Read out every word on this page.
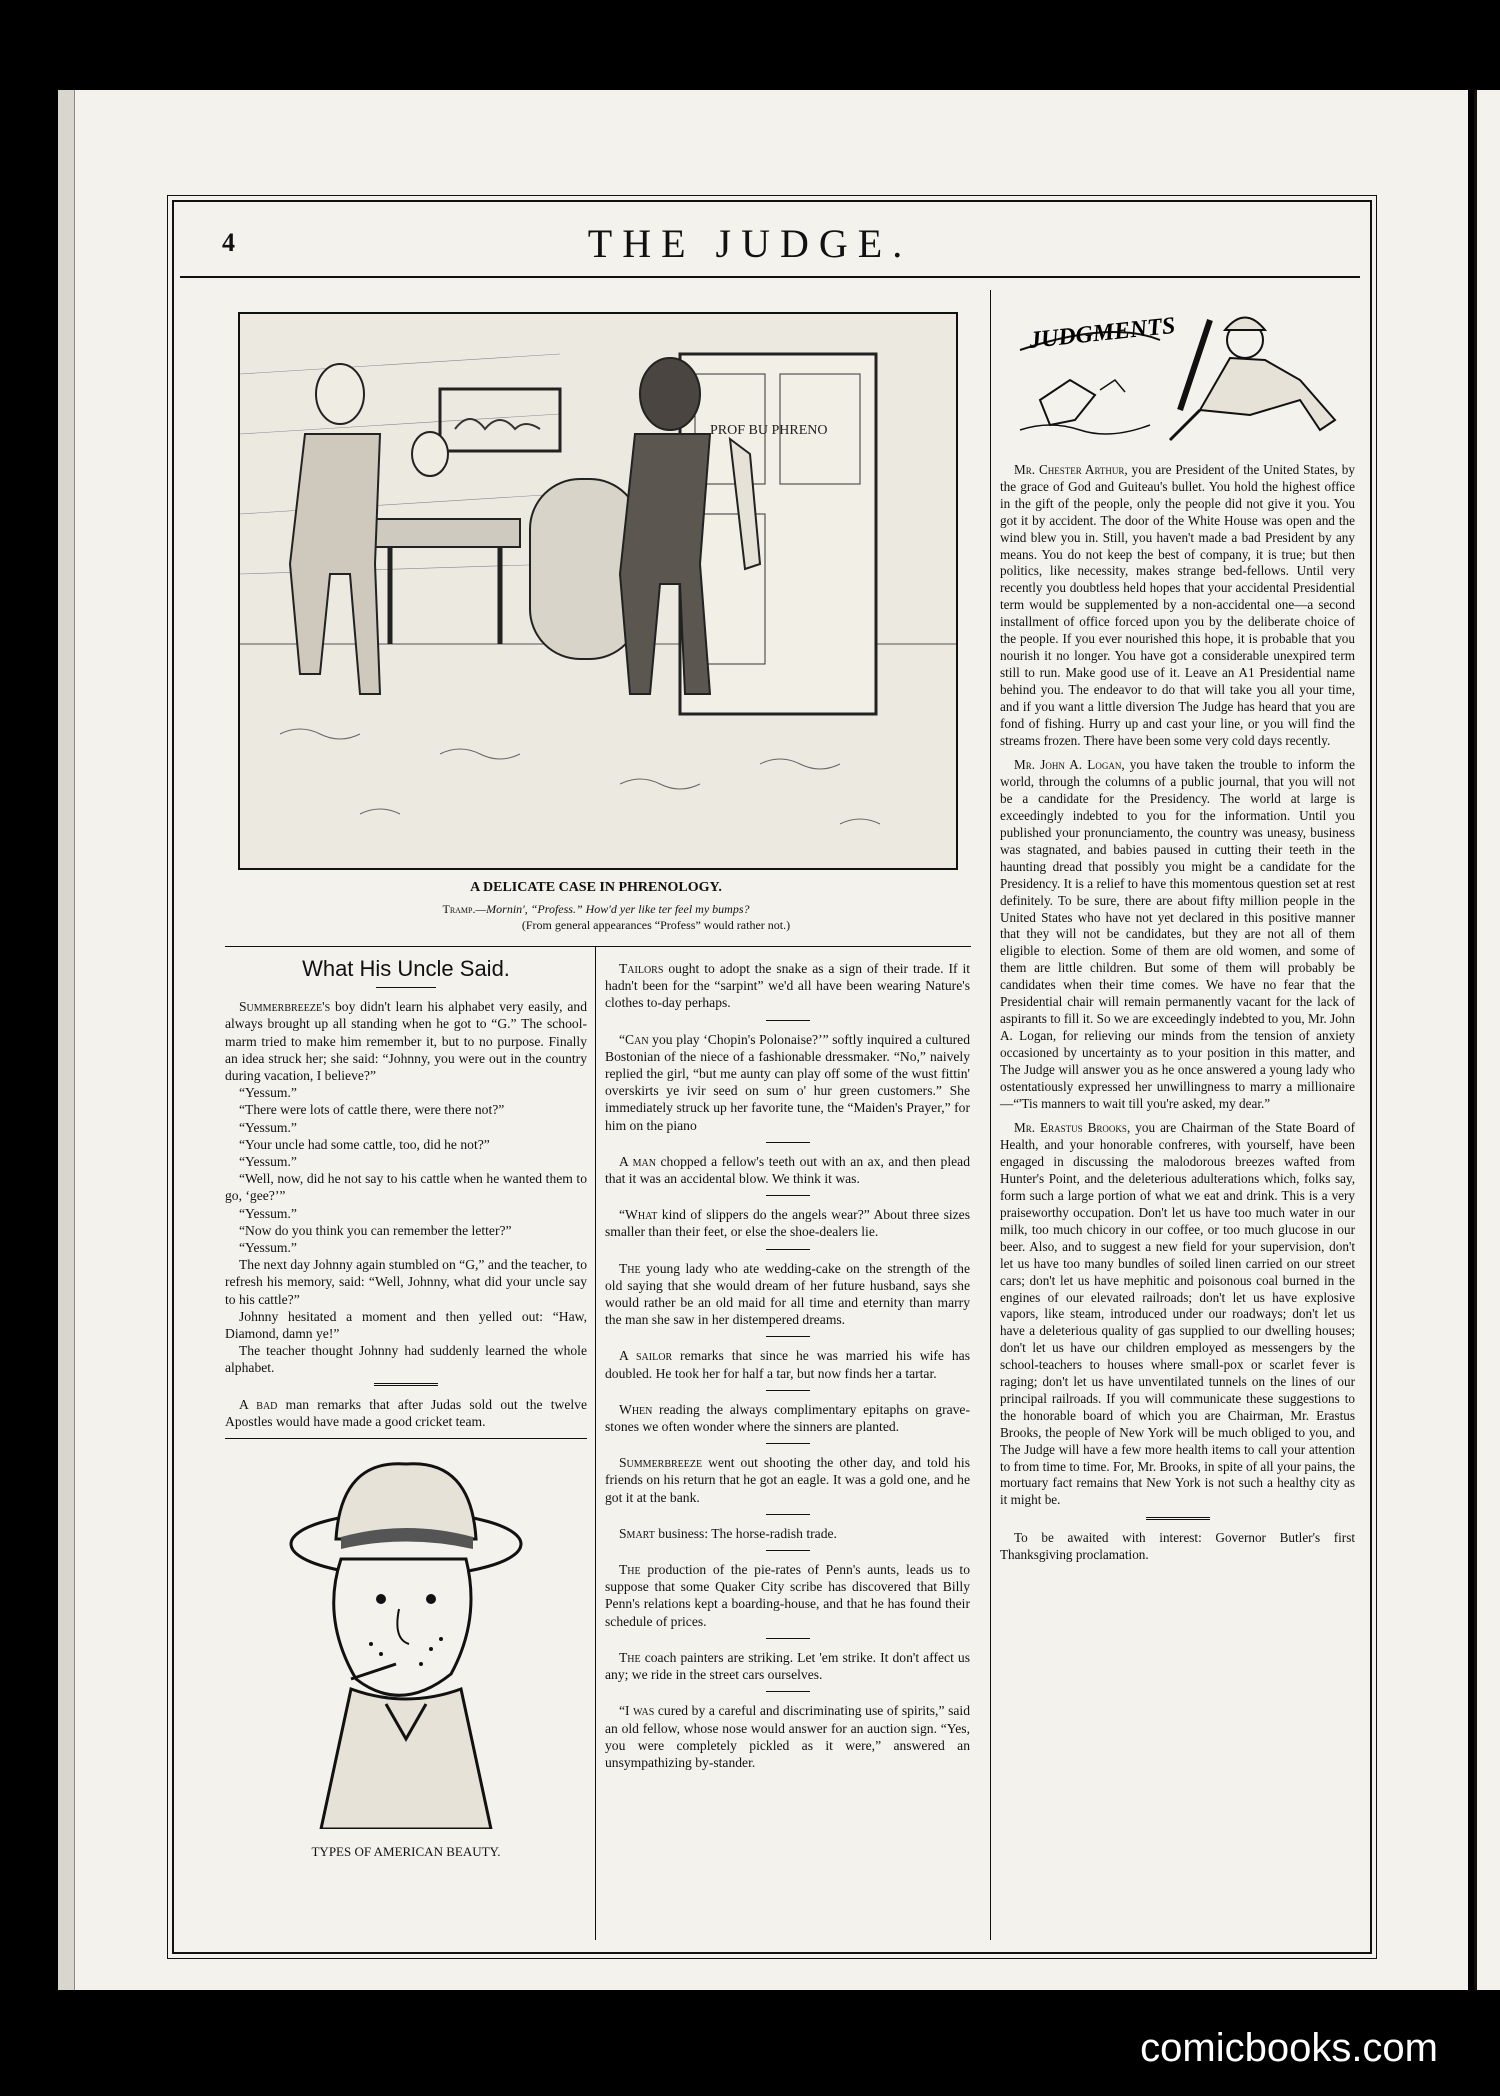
4	THE JUDGE.
PROF BU PHRENO
A DELICATE CASE IN PHRENOLOGY.
Tramp.—Mornin', “Profess.” How'd yer like ter feel my bumps?
(From general appearances “Profess” would rather not.)
What His Uncle Said.

Summerbreeze's boy didn't learn his alphabet very easily, and always brought up all standing when he got to “G.” The school-marm tried to make him remember it, but to no purpose. Finally an idea struck her; she said: “Johnny, you were out in the country during vacation, I believe?”

“Yessum.”

“There were lots of cattle there, were there not?”

“Yessum.”

“Your uncle had some cattle, too, did he not?”

“Yessum.”

“Well, now, did he not say to his cattle when he wanted them to go, ‘gee?’”

“Yessum.”

“Now do you think you can remember the letter?”

“Yessum.”

The next day Johnny again stumbled on “G,” and the teacher, to refresh his memory, said: “Well, Johnny, what did your uncle say to his cattle?”

Johnny hesitated a moment and then yelled out: “Haw, Diamond, damn ye!”

The teacher thought Johnny had suddenly learned the whole alphabet.

A bad man remarks that after Judas sold out the twelve Apostles would have made a good cricket team.

TYPES OF AMERICAN BEAUTY.

Tailors ought to adopt the snake as a sign of their trade. If it hadn't been for the “sarpint” we'd all have been wearing Nature's clothes to-day perhaps.

“Can you play ‘Chopin's Polonaise?’” softly inquired a cultured Bostonian of the niece of a fashionable dressmaker. “No,” naively replied the girl, “but me aunty can play off some of the wust fittin' overskirts ye ivir seed on sum o' hur green customers.” She immediately struck up her favorite tune, the “Maiden's Prayer,” for him on the piano

A man chopped a fellow's teeth out with an ax, and then plead that it was an accidental blow. We think it was.

“What kind of slippers do the angels wear?” About three sizes smaller than their feet, or else the shoe-dealers lie.

The young lady who ate wedding-cake on the strength of the old saying that she would dream of her future husband, says she would rather be an old maid for all time and eternity than marry the man she saw in her distempered dreams.

A sailor remarks that since he was married his wife has doubled. He took her for half a tar, but now finds her a tartar.

When reading the always complimentary epitaphs on grave-stones we often wonder where the sinners are planted.

Summerbreeze went out shooting the other day, and told his friends on his return that he got an eagle. It was a gold one, and he got it at the bank.

Smart business: The horse-radish trade.

The production of the pie-rates of Penn's aunts, leads us to suppose that some Quaker City scribe has discovered that Billy Penn's relations kept a boarding-house, and that he has found their schedule of prices.

The coach painters are striking. Let 'em strike. It don't affect us any; we ride in the street cars ourselves.

“I was cured by a careful and discriminating use of spirits,” said an old fellow, whose nose would answer for an auction sign. “Yes, you were completely pickled as it were,” answered an unsympathizing by-stander.

JUDGMENTS

Mr. Chester Arthur, you are President of the United States, by the grace of God and Guiteau's bullet. You hold the highest office in the gift of the people, only the people did not give it you. You got it by accident. The door of the White House was open and the wind blew you in. Still, you haven't made a bad President by any means. You do not keep the best of company, it is true; but then politics, like necessity, makes strange bed-fellows. Until very recently you doubtless held hopes that your accidental Presidential term would be supplemented by a non-accidental one—a second installment of office forced upon you by the deliberate choice of the people. If you ever nourished this hope, it is probable that you nourish it no longer. You have got a considerable unexpired term still to run. Make good use of it. Leave an A1 Presidential name behind you. The endeavor to do that will take you all your time, and if you want a little diversion The Judge has heard that you are fond of fishing. Hurry up and cast your line, or you will find the streams frozen. There have been some very cold days recently.

Mr. John A. Logan, you have taken the trouble to inform the world, through the columns of a public journal, that you will not be a candidate for the Presidency. The world at large is exceedingly indebted to you for the information. Until you published your pronunciamento, the country was uneasy, business was stagnated, and babies paused in cutting their teeth in the haunting dread that possibly you might be a candidate for the Presidency. It is a relief to have this momentous question set at rest definitely. To be sure, there are about fifty million people in the United States who have not yet declared in this positive manner that they will not be candidates, but they are not all of them eligible to election. Some of them are old women, and some of them are little children. But some of them will probably be candidates when their time comes. We have no fear that the Presidential chair will remain permanently vacant for the lack of aspirants to fill it. So we are exceedingly indebted to you, Mr. John A. Logan, for relieving our minds from the tension of anxiety occasioned by uncertainty as to your position in this matter, and The Judge will answer you as he once answered a young lady who ostentatiously expressed her unwillingness to marry a millionaire—“'Tis manners to wait till you're asked, my dear.”

Mr. Erastus Brooks, you are Chairman of the State Board of Health, and your honorable confreres, with yourself, have been engaged in discussing the malodorous breezes wafted from Hunter's Point, and the deleterious adulterations which, folks say, form such a large portion of what we eat and drink. This is a very praiseworthy occupation. Don't let us have too much water in our milk, too much chicory in our coffee, or too much glucose in our beer. Also, and to suggest a new field for your supervision, don't let us have too many bundles of soiled linen carried on our street cars; don't let us have mephitic and poisonous coal burned in the engines of our elevated railroads; don't let us have explosive vapors, like steam, introduced under our roadways; don't let us have a deleterious quality of gas supplied to our dwelling houses; don't let us have our children employed as messengers by the school-teachers to houses where small-pox or scarlet fever is raging; don't let us have unventilated tunnels on the lines of our principal railroads. If you will communicate these suggestions to the honorable board of which you are Chairman, Mr. Erastus Brooks, the people of New York will be much obliged to you, and The Judge will have a few more health items to call your attention to from time to time. For, Mr. Brooks, in spite of all your pains, the mortuary fact remains that New York is not such a healthy city as it might be.

To be awaited with interest: Governor Butler's first Thanksgiving proclamation.

comicbooks.com
